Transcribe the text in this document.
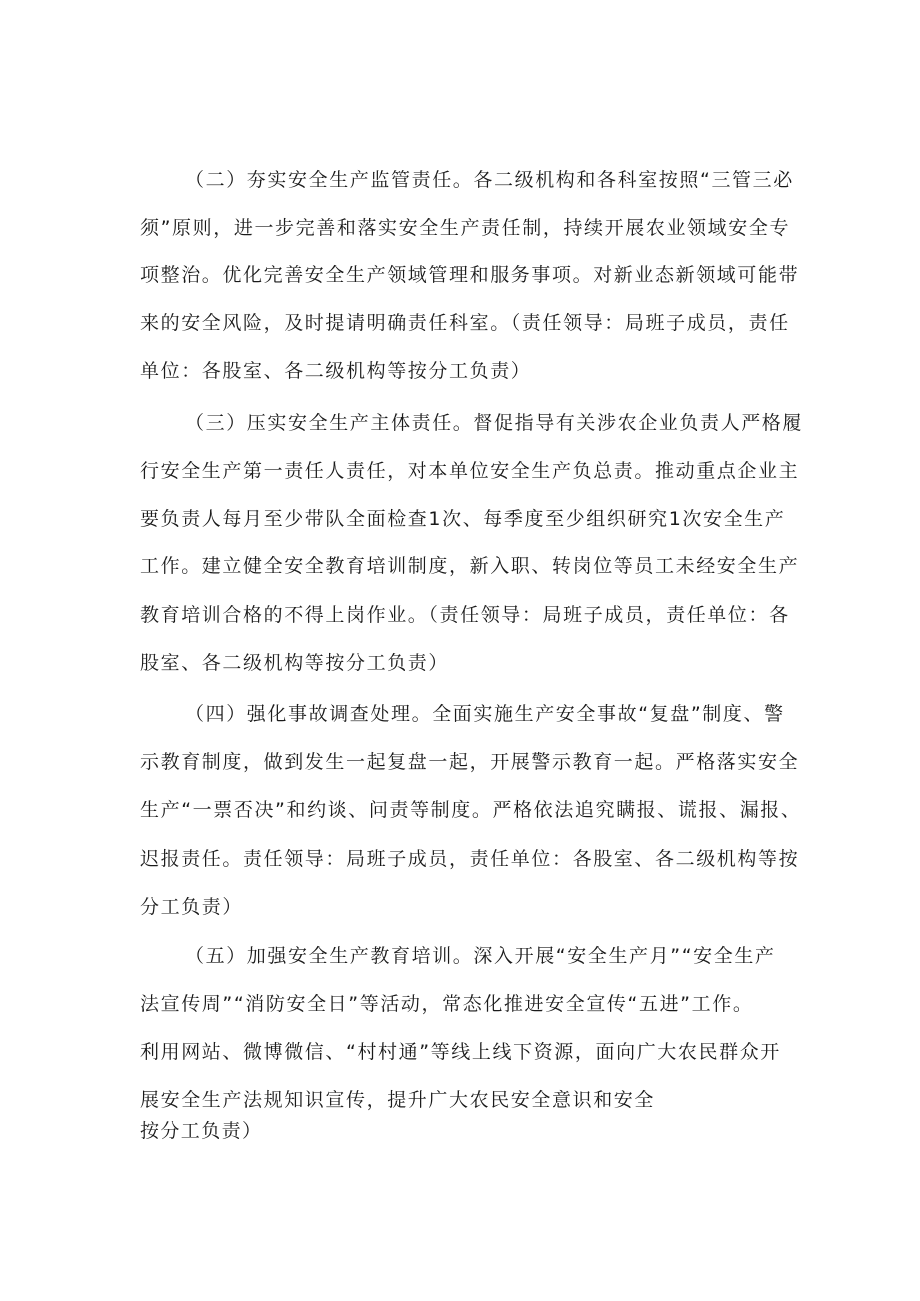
（二）夯实安全生产监管责任。各二级机构和各科室按照“三管三必
须”原则，进一步完善和落实安全生产责任制，持续开展农业领域安全专
项整治。优化完善安全生产领域管理和服务事项。对新业态新领域可能带
来的安全风险，及时提请明确责任科室。（责任领导：局班子成员，责任
单位：各股室、各二级机构等按分工负责）
（三）压实安全生产主体责任。督促指导有关涉农企业负责人严格履
行安全生产第一责任人责任，对本单位安全生产负总责。推动重点企业主
要负责人每月至少带队全面检查1次、每季度至少组织研究1次安全生产
工作。建立健全安全教育培训制度，新入职、转岗位等员工未经安全生产
教育培训合格的不得上岗作业。（责任领导：局班子成员，责任单位：各
股室、各二级机构等按分工负责）
（四）强化事故调查处理。全面实施生产安全事故“复盘”制度、警
示教育制度，做到发生一起复盘一起，开展警示教育一起。严格落实安全
生产“一票否决”和约谈、问责等制度。严格依法追究瞒报、谎报、漏报、
迟报责任。责任领导：局班子成员，责任单位：各股室、各二级机构等按
分工负责）
（五）加强安全生产教育培训。深入开展“安全生产月”“安全生产
法宣传周”“消防安全日”等活动，常态化推进安全宣传“五进”工作。
利用网站、微博微信、“村村通”等线上线下资源，面向广大农民群众开
展安全生产法规知识宣传，提升广大农民安全意识和安全
按分工负责）
